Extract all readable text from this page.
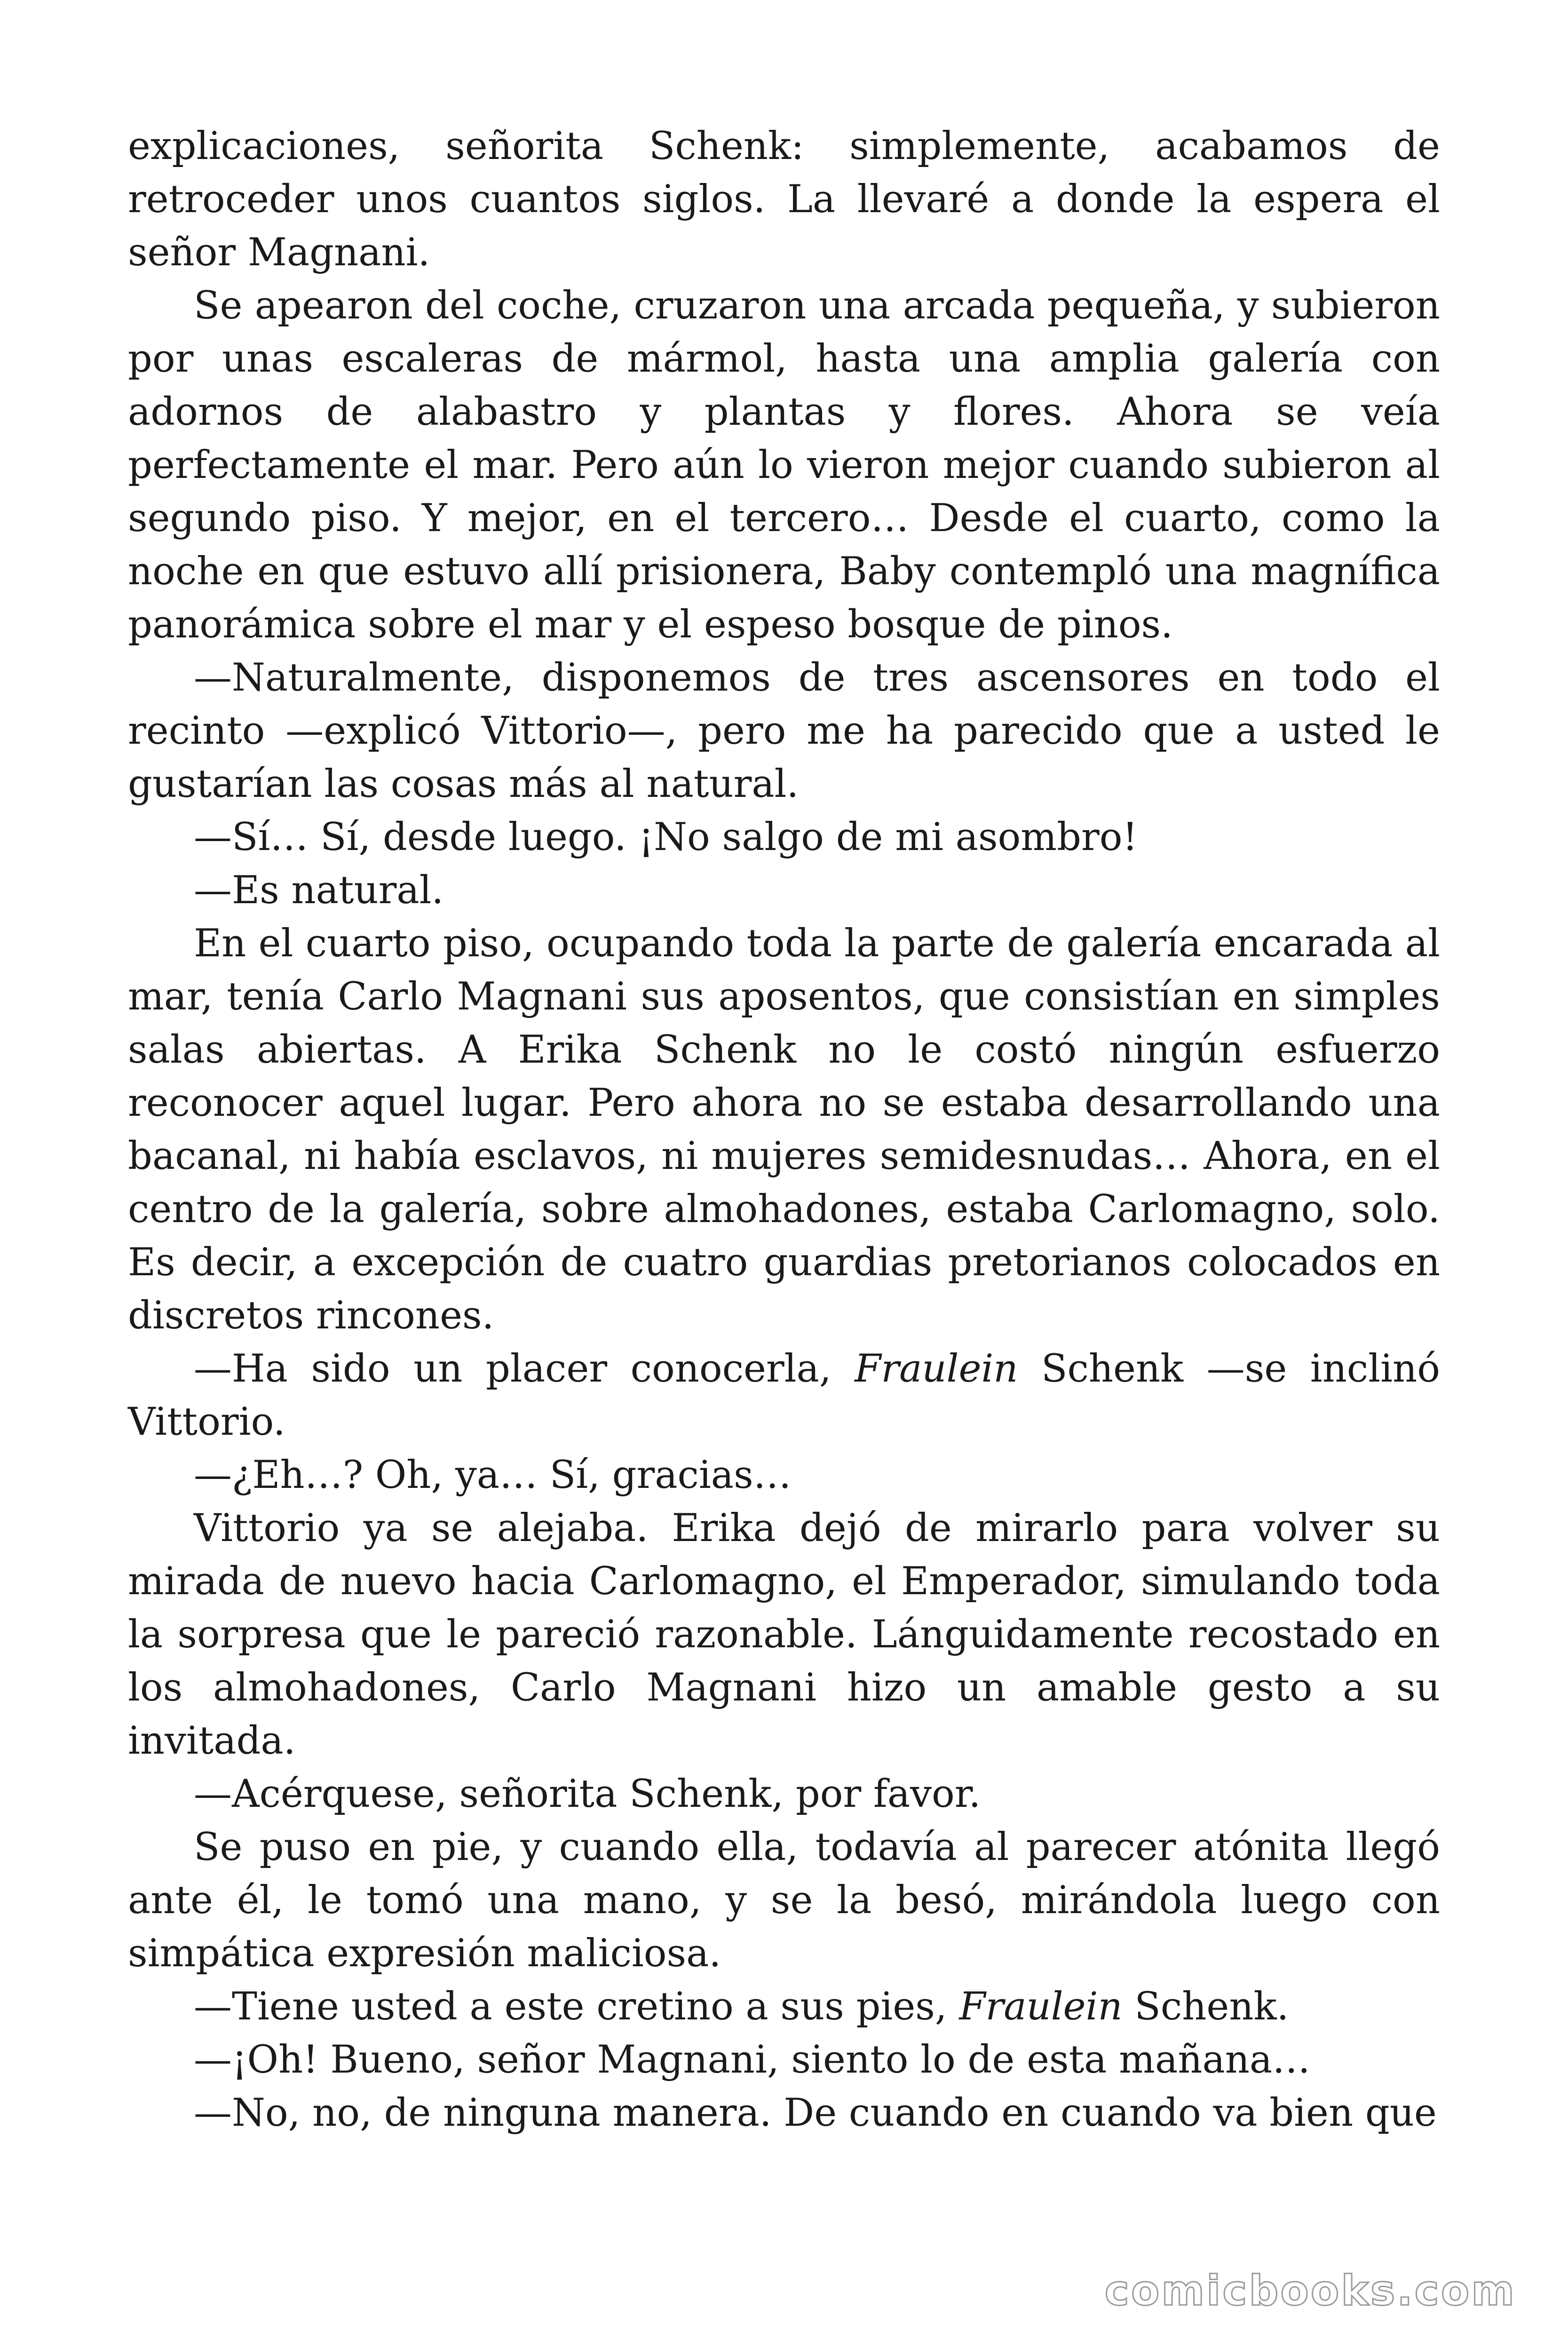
explicaciones, señorita Schenk: simplemente, acabamos de retroceder unos cuantos siglos. La llevaré a donde la espera el señor Magnani.

Se apearon del coche, cruzaron una arcada pequeña, y subieron por unas escaleras de mármol, hasta una amplia galería con adornos de alabastro y plantas y flores. Ahora se veía perfectamente el mar. Pero aún lo vieron mejor cuando subieron al segundo piso. Y mejor, en el tercero… Desde el cuarto, como la noche en que estuvo allí prisionera, Baby contempló una magnífica panorámica sobre el mar y el espeso bosque de pinos.

—Naturalmente, disponemos de tres ascensores en todo el recinto —explicó Vittorio—, pero me ha parecido que a usted le gustarían las cosas más al natural.

—Sí… Sí, desde luego. ¡No salgo de mi asombro!

—Es natural.

En el cuarto piso, ocupando toda la parte de galería encarada al mar, tenía Carlo Magnani sus aposentos, que consistían en simples salas abiertas. A Erika Schenk no le costó ningún esfuerzo reconocer aquel lugar. Pero ahora no se estaba desarrollando una bacanal, ni había esclavos, ni mujeres semidesnudas… Ahora, en el centro de la galería, sobre almohadones, estaba Carlomagno, solo. Es decir, a excepción de cuatro guardias pretorianos colocados en discretos rincones.

—Ha sido un placer conocerla, Fraulein Schenk —se inclinó Vittorio.

—¿Eh…? Oh, ya… Sí, gracias…

Vittorio ya se alejaba. Erika dejó de mirarlo para volver su mirada de nuevo hacia Carlomagno, el Emperador, simulando toda la sorpresa que le pareció razonable. Lánguidamente recostado en los almohadones, Carlo Magnani hizo un amable gesto a su invitada.

—Acérquese, señorita Schenk, por favor.

Se puso en pie, y cuando ella, todavía al parecer atónita llegó ante él, le tomó una mano, y se la besó, mirándola luego con simpática expresión maliciosa.

—Tiene usted a este cretino a sus pies, Fraulein Schenk.

—¡Oh! Bueno, señor Magnani, siento lo de esta mañana…

—No, no, de ninguna manera. De cuando en cuando va bien que

comicbooks.com
